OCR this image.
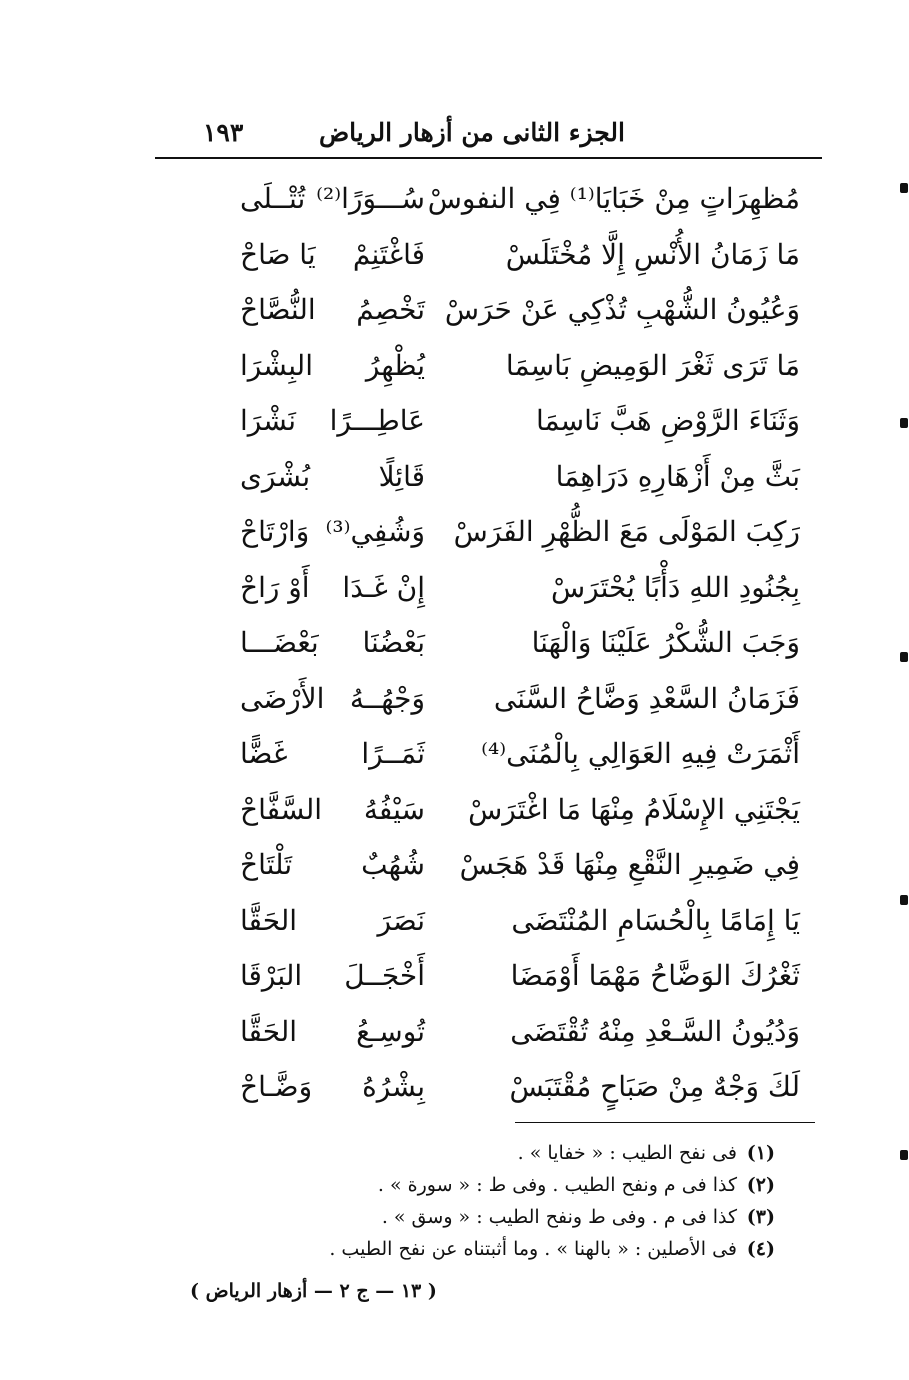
الجزء الثانى من أزهار الرياض
١٩٣
مُظهِرَاتٍ مِنْ خَبَايَا⁽¹⁾ فِي النفوسْ
سُـــوَرًا⁽²⁾
تُتْــلَى
مَا زَمَانُ الأُنْسِ إِلَّا مُخْتَلَسْ
فَاغْتَنِمْ
يَا صَاحْ
وَعُيُونُ الشُّهْبِ تُذْكِي عَنْ حَرَسْ
تَخْصِمُ
النُّصَّاحْ
مَا تَرَى ثَغْرَ الوَمِيضِ بَاسِمَا
يُظْهِرُ
البِشْرَا
وَثَنَاءَ الرَّوْضِ هَبَّ نَاسِمَا
عَاطِـــرًا
نَشْرَا
بَثَّ مِنْ أَزْهَارِهِ دَرَاهِمَا
قَائِلًا
بُشْرَى
رَكِبَ المَوْلَى مَعَ الظُّهْرِ الفَرَسْ
وَشُفِي⁽³⁾
وَارْتَاحْ
بِجُنُودِ اللهِ دَأْبًا يُحْتَرَسْ
إِنْ غَـدَا
أَوْ رَاحْ
وَجَبَ الشُّكْرُ عَلَيْنَا وَالْهَنَا
بَعْضُنَا
بَعْضَـــا
فَزَمَانُ السَّعْدِ وَضَّاحُ السَّنَى
وَجْهُــهُ
الأَرْضَى
أَثْمَرَتْ فِيهِ العَوَالِي بِالْمُنَى⁽⁴⁾
ثَمَــرًا
غَضًّا
يَجْتَنِي الإِسْلَامُ مِنْهَا مَا اغْتَرَسْ
سَيْفُهُ
السَّفَّاحْ
فِي ضَمِيرِ النَّقْعِ مِنْهَا قَدْ هَجَسْ
شُهُبٌ
تَلْتَاحْ
يَا إِمَامًا بِالْحُسَامِ المُنْتَضَى
نَصَرَ
الحَقَّا
ثَغْرُكَ الوَضَّاحُ مَهْمَا أَوْمَضَا
أَخْجَــلَ
البَرْقَا
وَدُيُونُ السَّـعْدِ مِنْهُ تُقْتَضَى
تُوسِـعُ
الحَقَّا
لَكَ وَجْهٌ مِنْ صَبَاحٍ مُقْتَبَسْ
بِشْرُهُ
وَضَّـاحْ
(١)فى نفح الطيب : « خفايا » .
(٢)كذا فى م ونفح الطيب . وفى ط : « سورة » .
(٣)كذا فى م . وفى ط ونفح الطيب : « وسق » .
(٤)فى الأصلين : « بالهنا » . وما أثبتناه عن نفح الطيب .
( ١٣ — ج ٢ — أزهار الرياض )
